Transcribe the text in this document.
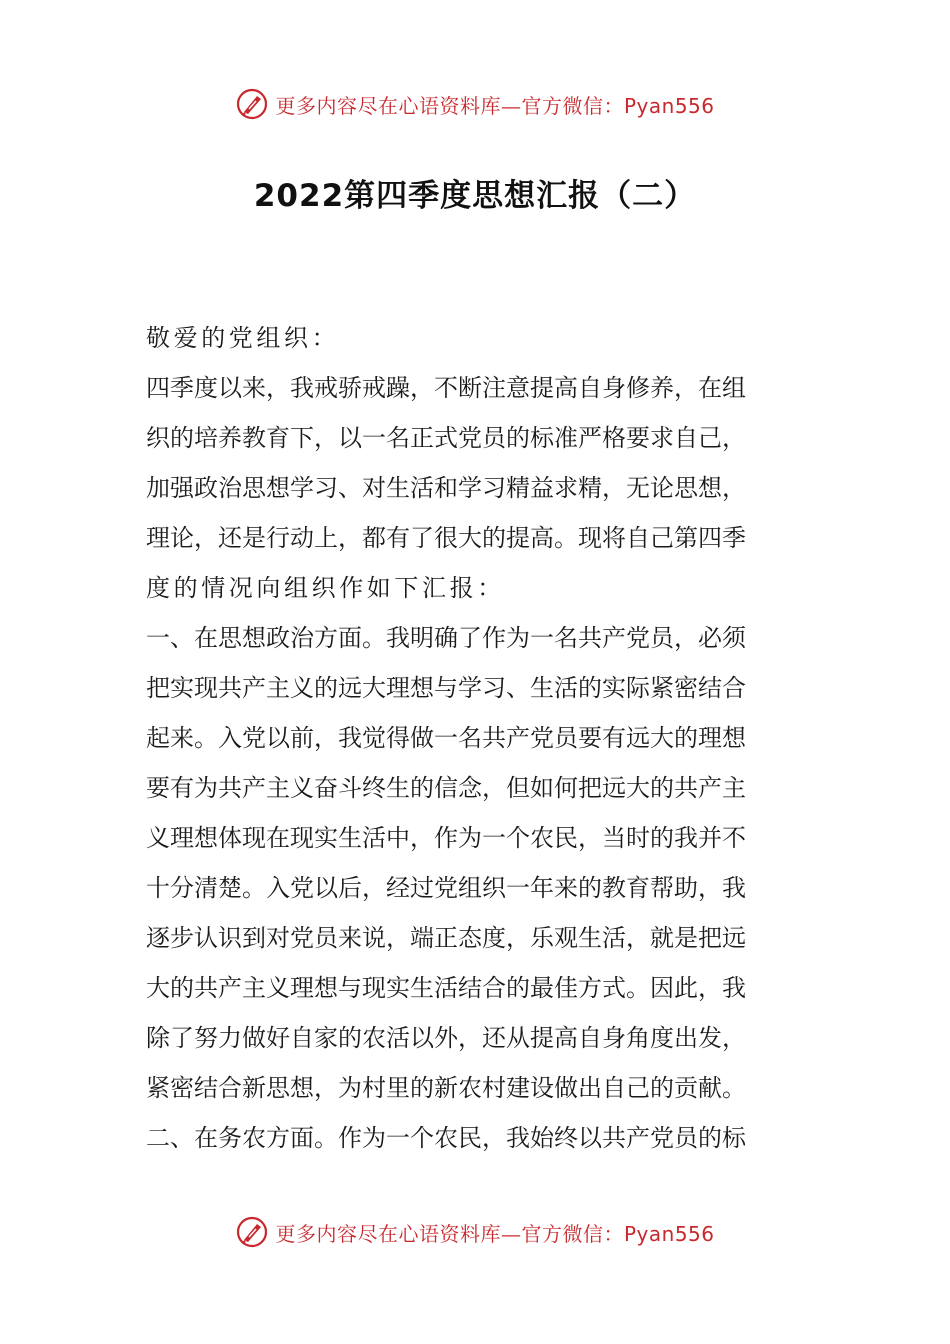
更多内容尽在心语资料库—官方微信：Pyan556
2022第四季度思想汇报（二）
敬爱的党组织：
四季度以来，我戒骄戒躁，不断注意提高自身修养，在组
织的培养教育下，以一名正式党员的标准严格要求自己，
加强政治思想学习、对生活和学习精益求精，无论思想，
理论，还是行动上，都有了很大的提高。现将自己第四季
度的情况向组织作如下汇报：
一、在思想政治方面。我明确了作为一名共产党员，必须
把实现共产主义的远大理想与学习、生活的实际紧密结合
起来。入党以前，我觉得做一名共产党员要有远大的理想
要有为共产主义奋斗终生的信念，但如何把远大的共产主
义理想体现在现实生活中，作为一个农民，当时的我并不
十分清楚。入党以后，经过党组织一年来的教育帮助，我
逐步认识到对党员来说，端正态度，乐观生活，就是把远
大的共产主义理想与现实生活结合的最佳方式。因此，我
除了努力做好自家的农活以外，还从提高自身角度出发，
紧密结合新思想，为村里的新农村建设做出自己的贡献。
二、在务农方面。作为一个农民，我始终以共产党员的标
更多内容尽在心语资料库—官方微信：Pyan556
